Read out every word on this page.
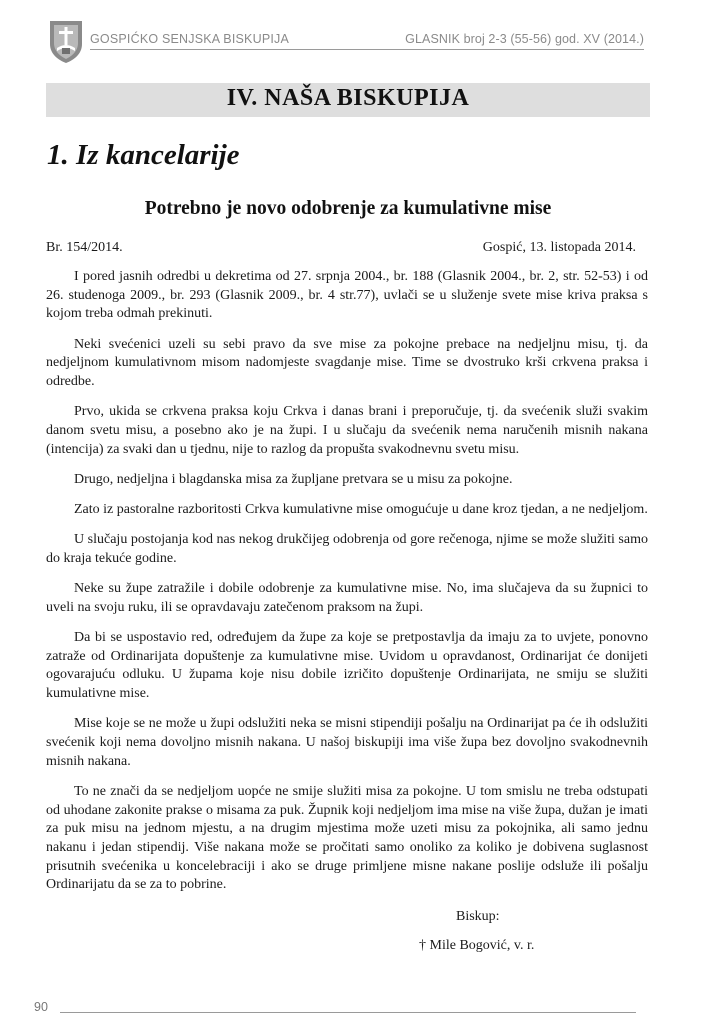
GOSPIĆKO SENJSKA BISKUPIJA	GLASNIK broj 2-3 (55-56) god. XV (2014.)
IV. NAŠA BISKUPIJA
1. Iz kancelarije
Potrebno je novo odobrenje za kumulativne mise
Br. 154/2014.	Gospić, 13. listopada 2014.

I pored jasnih odredbi u dekretima od 27. srpnja 2004., br. 188 (Glasnik 2004., br. 2, str. 52-53) i od 26. studenoga 2009., br. 293 (Glasnik 2009., br. 4 str.77), uvlači se u služenje svete mise kriva praksa s kojom treba odmah prekinuti.

Neki svećenici uzeli su sebi pravo da sve mise za pokojne prebace na nedjeljnu misu, tj. da nedjeljnom kumulativnom misom nadomjeste svagdanje mise. Time se dvostruko krši crkvena praksa i odredbe.

Prvo, ukida se crkvena praksa koju Crkva i danas brani i preporučuje, tj. da svećenik služi svakim danom svetu misu, a posebno ako je na župi. I u slučaju da svećenik nema naručenih misnih nakana (intencija) za svaki dan u tjednu, nije to razlog da propušta svakodnevnu svetu misu.

Drugo, nedjeljna i blagdanska misa za župljane pretvara se u misu za pokojne.

Zato iz pastoralne razboritosti Crkva kumulativne mise omogućuje u dane kroz tjedan, a ne nedjeljom.

U slučaju postojanja kod nas nekog drukčijeg odobrenja od gore rečenoga, njime se može služiti samo do kraja tekuće godine.

Neke su župe zatražile i dobile odobrenje za kumulativne mise. No, ima slučajeva da su župnici to uveli na svoju ruku, ili se opravdavaju zatečenom praksom na župi.

Da bi se uspostavio red, određujem da župe za koje se pretpostavlja da imaju za to uvjete, ponovno zatraže od Ordinarijata dopuštenje za kumulativne mise. Uvidom u opravdanost, Ordinarijat će donijeti ogovarajuću odluku. U župama koje nisu dobile izričito dopuštenje Ordinarijata, ne smiju se služiti kumulativne mise.

Mise koje se ne može u župi odslužiti neka se misni stipendiji pošalju na Ordinarijat pa će ih odslužiti svećenik koji nema dovoljno misnih nakana. U našoj biskupiji ima više župa bez dovoljno svakodnevnih misnih nakana.

To ne znači da se nedjeljom uopće ne smije služiti misa za pokojne. U tom smislu ne treba odstupati od uhodane zakonite prakse o misama za puk. Župnik koji nedjeljom ima mise na više župa, dužan je imati za puk misu na jednom mjestu, a na drugim mjestima može uzeti misu za pokojnika, ali samo jednu nakanu i jedan stipendij. Više nakana može se pročitati samo onoliko za koliko je dobivena suglasnost prisutnih svećenika u koncelebraciji i ako se druge primljene misne nakane poslije odsluže ili pošalju Ordinarijatu da se za to pobrine.

Biskup:
† Mile Bogović, v. r.
90
